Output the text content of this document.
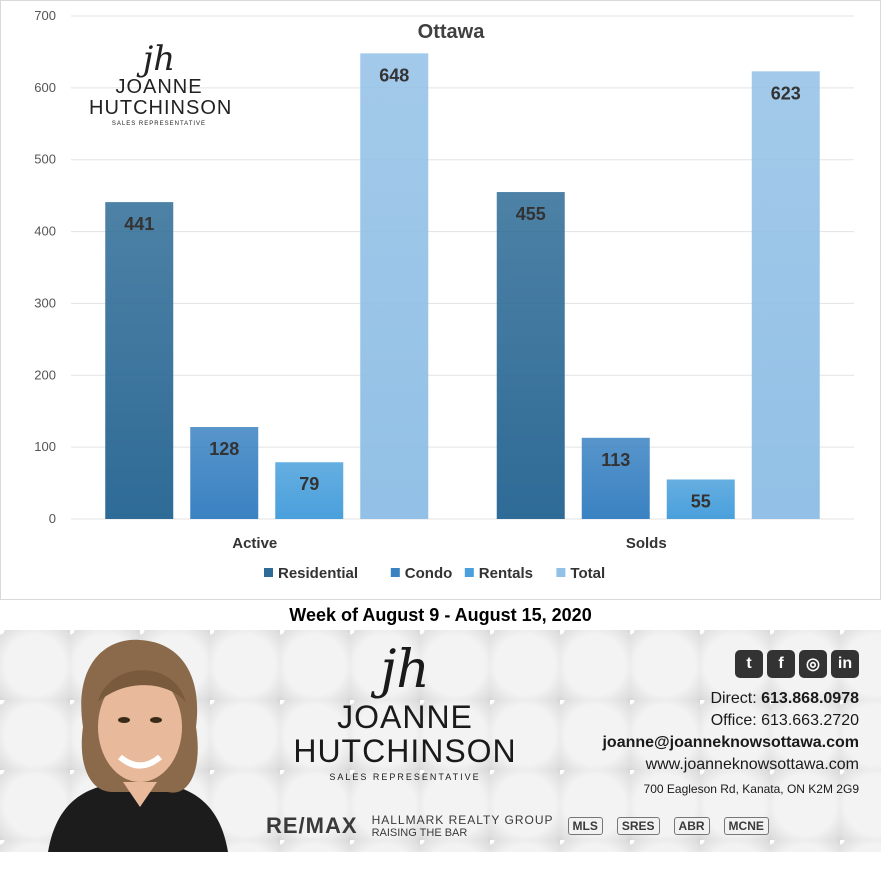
0
100
200
300
400
500
600
700
Ottawa
441
128
79
648
Active
455
113
55
623
Solds
Residential	Condo Rentals Total
jh
JOANNE
HUTCHINSON
SALES REPRESENTATIVE
Week of August 9 - August 15, 2020
jh
JOANNE
HUTCHINSON
SALES REPRESENTATIVE
t	f	◎	in
Direct: 613.868.0978
Office: 613.663.2720
joanne@joanneknowsottawa.com
www.joanneknowsottawa.com
700 Eagleson Rd, Kanata, ON K2M 2G9
RE/MAX HALLMARK REALTY GROUP
RAISING THE BAR	MLS	SRES	ABR	MCNE
